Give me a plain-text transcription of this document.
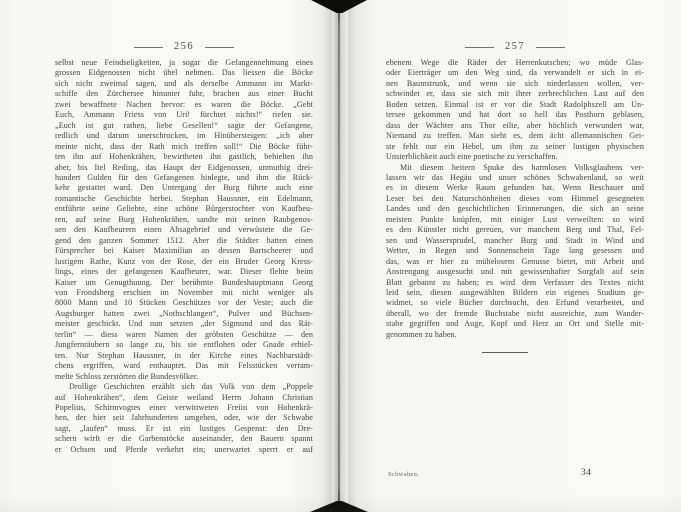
256
selbst neue Feindseligkeiten, ja sogar die Gefangennehmung eines
grossen Eidgenossen nicht übel nehmen. Das liessen die Böcke
sich nicht zweimal sagen, und als derselbe Ammann im Markt-
schiffe den Zürchersee hinunter fuhr, brachen aus einer Bucht
zwei bewaffnete Nachen hervor: es waren die Böcke. „Gebt
Euch, Ammann Friess von Uri! fürchtet nichts!“ riefen sie.
„Euch ist gut rathen, liebe Gesellen!“ sagte der Gefangene,
redlich und darum unerschrocken, im Hinübersteigen: „ich aber
meinte nicht, dass der Rath mich treffen soll!“ Die Böcke führ-
ten ihn auf Hohenkrähen, bewirtheten ihn gastlich, behielten ihn
aber, bis Itel Reding, das Haupt der Eidgenossen, unmuthig drei-
hundert Gulden für den Gefangenen hinlegte, und ihm die Rück-
kehr gestattet ward. Den Untergang der Burg führte auch eine
romantische Geschichte herbei. Stephan Haussner, ein Edelmann,
entführte seine Geliebte, eine schöne Bürgerstochter von Kaufbeu-
ren, auf seine Burg Hohenkrähen, sandte mit seinen Raubgenos-
sen den Kaufbeurern einen Absagebrief und verwüstete die Ge-
gend den ganzen Sommer 1512. Aber die Städter hatten einen
Fürsprecher bei Kaiser Maximilian an dessen Bartscheerer und
lustigem Rathe, Kunz von der Rose, der ein Bruder Georg Kress-
lings, eines der gefangenen Kaufbeurer, war. Dieser flehte beim
Kaiser um Genugthuung. Der berühmte Bundeshauptmann Georg
von Frondsberg erschien im November mit nicht weniger als
8000 Mann und 10 Stücken Geschützes vor der Veste; auch die
Augsburger hatten zwei „Nothschlangen“, Pulver und Büchsen-
meister geschickt. Und nun setzten „der Sigmund und das Rät-
terlin“ — diess waren Namen der gröbsten Geschütze — den
Jungfernräubern so lange zu, bis sie entflohen oder Gnade erhiel-
ten. Nur Stephan Haussner, in der Kirche eines Nachbarstädt-
chens ergriffen, ward enthauptet. Das mit Felsstücken verram-
melte Schloss zerstörten die Bundesvölker.
Drollige Geschichten erzählt sich das Volk von dem „Poppele
auf Hohenkrähen“, dem Geiste weiland Herrn Johann Christian
Popelius, Schirmvogtes einer verwittweten Freiin von Hohenkrä-
hen, der hier seit Jahrhunderten umgehen, oder, wie der Schwabe
sagt, „laufen“ muss. Er ist ein lustiges Gespenst: den Dre-
schern wirft er die Garbenstöcke auseinander, den Bauern spannt
er Ochsen und Pferde verkehrt ein; unerwartet sperrt er auf
257
ebenem Wege die Räder der Herrenkutschen; wo müde Glas-
oder Eierträger um den Weg sind, da verwandelt er sich in ei-
nen Baumstrunk, und wenn sie sich niederlassen wollen, ver-
schwindet er, dass sie sich mit ihrer zerbrechlichen Last auf den
Boden setzen. Einmal ist er vor die Stadt Radolphszell am Un-
tersee gekommen und hat dort so hell das Posthorn geblasen,
dass der Wächter ans Thor eilte, aber höchlich verwundert war,
Niemand zu treffen. Man sieht es, dem ächt allemannischen Gei-
ste fehlt nur ein Hebel, um ihm zu seiner lustigen physischen
Unsterblichkeit auch eine poetische zu verschaffen.
Mit diesem heitern Spuke des harmlosen Volksglaubens ver-
lassen wir das Hegäu und unser schönes Schwabenland, so weit
es in diesem Werke Raum gefunden hat. Wenn Beschauer und
Leser bei den Naturschönheiten dieses vom Himmel gesegneten
Landes und den geschichtlichen Erinnerungen, die sich an seine
meisten Punkte knüpfen, mit einiger Lust verweilten: so wird
es den Künstler nicht gereuen, vor manchem Berg und Thal, Fel-
sen und Wassersprudel, mancher Burg und Stadt in Wind und
Wetter, in Regen und Sonnenschein Tage lang gesessen und
das, was er hier zu mühelosem Genusse bietet, mit Arbeit und
Anstrengung ausgesucht und mit gewissenhafter Sorgfalt auf sein
Blatt gebannt zu haben; es wird dem Verfasser des Textes nicht
leid sein, diesen ausgewählten Bildern ein eigenes Studium ge-
widmet, so viele Bücher durchsucht, den Erfund verarbeitet, und
überall, wo der fremde Buchstabe nicht ausreichte, zum Wander-
stabe gegriffen und Auge, Kopf und Herz an Ort und Stelle mit-
genommen zu haben.
Schwaben.	34
